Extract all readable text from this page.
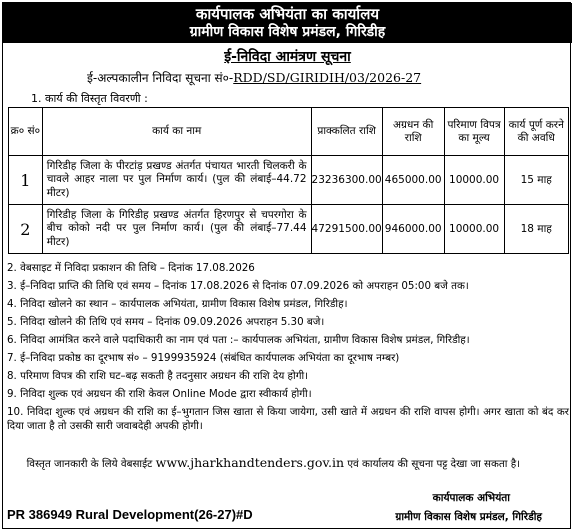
कार्यपालक अभियंता का कार्यालय
ग्रामीण विकास विशेष प्रमंडल, गिरिडीह
ई-निविदा आमंत्रण सूचना
ई-अल्पकालीन निविदा सूचना सं०-RDD/SD/GIRIDIH/03/2026-27
1. कार्य की विस्तृत विवरणी :
क्र० सं०	कार्य का नाम	प्राक्कलित राशि	अग्रधन की राशि	परिमाण विपत्र का मूल्य	कार्य पूर्ण करने की अवधि
1	गिरिडीह जिला के पीरटांड़ प्रखण्ड अंतर्गत पंचायत भारती चिलकरी के चावले आहर नाला पर पुल निर्माण कार्य। (पुल की लंबाई–44.72 मीटर)	23236300.00	465000.00	10000.00	15 माह
2	गिरिडीह जिला के गिरिडीह प्रखण्ड अंतर्गत हिरणपुर से चपरगोरा के बीच कोको नदी पर पुल निर्माण कार्य। (पुल की लंबाई–77.44 मीटर)	47291500.00	946000.00	10000.00	18 माह
2. वेबसाइट में निविदा प्रकाशन की तिथि – दिनांक 17.08.2026
3. ई–निविदा प्राप्ति की तिथि एवं समय – दिनांक 17.08.2026 से दिनांक 07.09.2026 को अपराहन 05:00 बजे तक।
4. निविदा खोलने का स्थान – कार्यपालक अभियंता, ग्रामीण विकास विशेष प्रमंडल, गिरिडीह।
5. निविदा खोलने की तिथि एवं समय – दिनांक 09.09.2026 अपराहन 5.30 बजे।
6. निविदा आमंत्रित करने वाले पदाधिकारी का नाम एवं पता :– कार्यपालक अभियंता, ग्रामीण विकास विशेष प्रमंडल, गिरिडीह।
7. ई–निविदा प्रकोष्ठ का दूरभाष सं० – 9199935924 (संबंधित कार्यपालक अभियंता का दूरभाष नम्बर)
8. परिमाण विपत्र की राशि घट–बढ़ सकती है तदनुसार अग्रधन की राशि देय होगी।
9. निविदा शुल्क एवं अग्रधन की राशि केवल Online Mode द्वारा स्वीकार्य होगी।
10. निविदा शुल्क एवं अग्रधन की राशि का ई–भुगतान जिस खाता से किया जायेगा, उसी खाते में अग्रधन की राशि वापस होगी। अगर खाता को बंद कर दिया जाता है तो उसकी सारी जवाबदेही अपकी होगी।
विस्तृत जानकारी के लिये वेबसाईट www.jharkhandtenders.gov.in एवं कार्यालय की सूचना पट्ट देखा जा सकता है।
कार्यपालक अभियंता
PR 386949 Rural Development(26-27)#D	ग्रामीण विकास विशेष प्रमंडल, गिरिडीह
